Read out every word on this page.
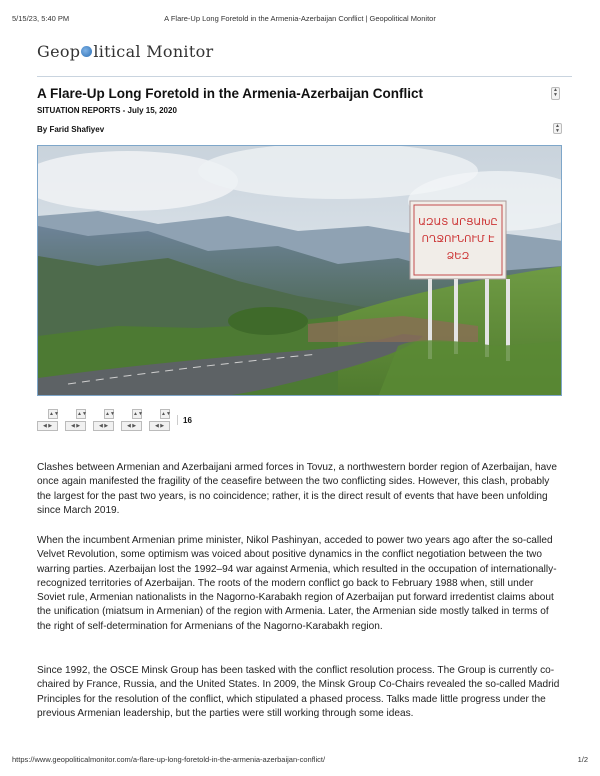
5/15/23, 5:40 PM	A Flare-Up Long Foretold in the Armenia-Azerbaijan Conflict | Geopolitical Monitor
Geop litical Monitor
A Flare-Up Long Foretold in the Armenia-Azerbaijan Conflict	▲
▼
SITUATION REPORTS - July 15, 2020
By Farid Shafiyev	▲
▼
ԱԶԱՏ ԱՐՑԱԽԸ
ՈՂՋՈՒՆՈՒՄ Է
ՁԵԶ
▲▼
◀ ▶
▲▼
◀ ▶
▲▼
◀ ▶
▲▼
◀ ▶
▲▼
◀ ▶
16

Clashes between Armenian and Azerbaijani armed forces in Tovuz, a northwestern border region of Azerbaijan, have once again manifested the fragility of the ceasefire between the two conflicting sides. However, this clash, probably the largest for the past two years, is no coincidence; rather, it is the direct result of events that have been unfolding since March 2019.

When the incumbent Armenian prime minister, Nikol Pashinyan, acceded to power two years ago after the so-called Velvet Revolution, some optimism was voiced about positive dynamics in the conflict negotiation between the two warring parties. Azerbaijan lost the 1992–94 war against Armenia, which resulted in the occupation of internationally-recognized territories of Azerbaijan. The roots of the modern conflict go back to February 1988 when, still under Soviet rule, Armenian nationalists in the Nagorno-Karabakh region of Azerbaijan put forward irredentist claims about the unification (miatsum in Armenian) of the region with Armenia. Later, the Armenian side mostly talked in terms of the right of self-determination for Armenians of the Nagorno-Karabakh region.

Since 1992, the OSCE Minsk Group has been tasked with the conflict resolution process. The Group is currently co-chaired by France, Russia, and the United States. In 2009, the Minsk Group Co-Chairs revealed the so-called Madrid Principles for the resolution of the conflict, which stipulated a phased process. Talks made little progress under the previous Armenian leadership, but the parties were still working through some ideas.

https://www.geopoliticalmonitor.com/a-flare-up-long-foretold-in-the-armenia-azerbaijan-conflict/	1/2
